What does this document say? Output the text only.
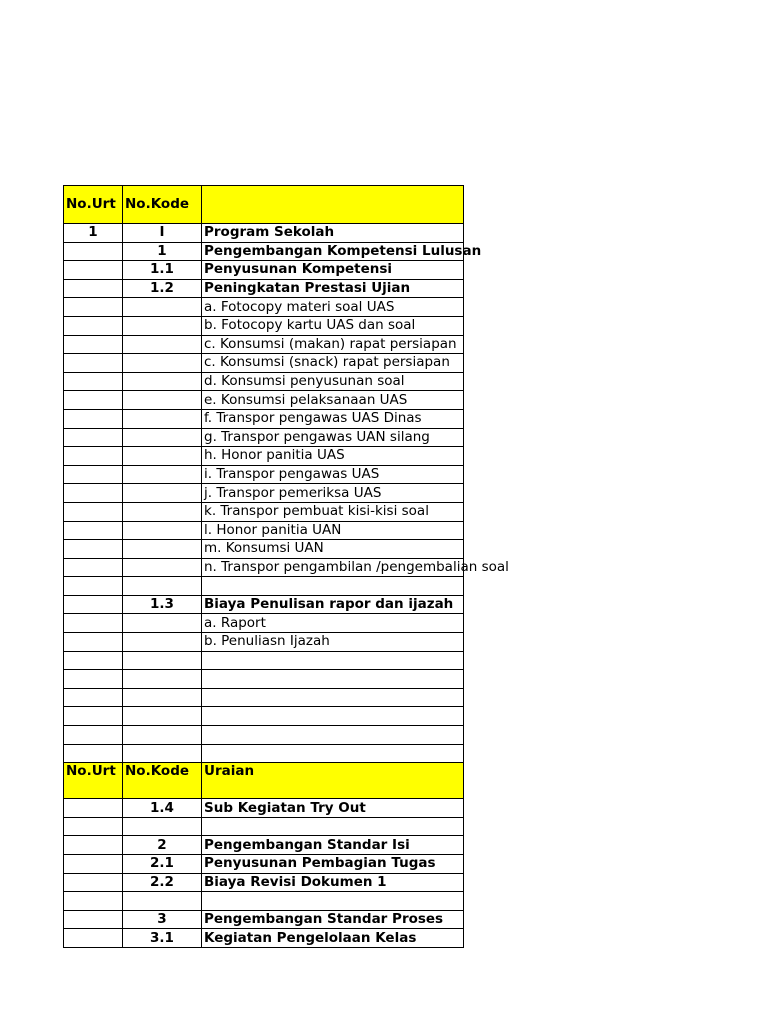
No.Urt	No.Kode	
1	I	Program Sekolah
	1	Pengembangan Kompetensi Lulusan
	1.1	Penyusunan Kompetensi
	1.2	Peningkatan Prestasi Ujian
		a. Fotocopy materi soal UAS
		b. Fotocopy kartu UAS dan soal
		c. Konsumsi (makan) rapat persiapan
		c. Konsumsi (snack) rapat persiapan
		d. Konsumsi penyusunan soal
		e. Konsumsi pelaksanaan UAS
		f. Transpor pengawas UAS Dinas
		g. Transpor pengawas UAN silang
		h. Honor panitia UAS
		i. Transpor pengawas UAS
		j. Transpor pemeriksa UAS
		k. Transpor pembuat kisi-kisi soal
		l. Honor panitia UAN
		m. Konsumsi UAN
		n. Transpor pengambilan /pengembalian soal

	1.3	Biaya Penulisan rapor dan ijazah
		a. Raport
		b. Penuliasn Ijazah

No.Urt	No.Kode	Uraian
	1.4	Sub Kegiatan Try Out

	2	Pengembangan Standar Isi
	2.1	Penyusunan Pembagian Tugas
	2.2	Biaya Revisi Dokumen 1

	3	Pengembangan Standar Proses
	3.1	Kegiatan Pengelolaan Kelas
